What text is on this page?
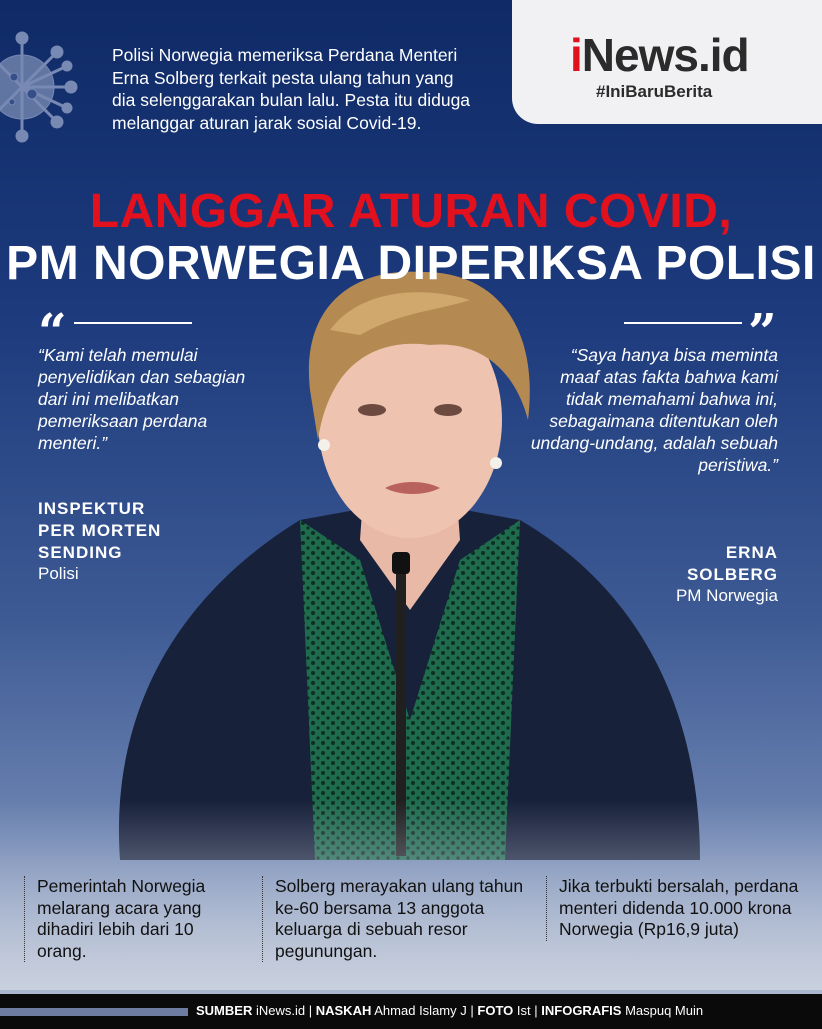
Polisi Norwegia memeriksa Perdana Menteri Erna Solberg terkait pesta ulang tahun yang dia selenggarakan bulan lalu. Pesta itu diduga melanggar aturan jarak sosial Covid-19.
iNews.id
#IniBaruBerita
LANGGAR ATURAN COVID,
PM NORWEGIA DIPERIKSA POLISI
“
“Kami telah memulai penyelidikan dan sebagian dari ini melibatkan pemeriksaan perdana menteri.”
INSPEKTUR
PER MORTEN
SENDING
Polisi
”
“Saya hanya bisa meminta maaf atas fakta bahwa kami tidak memahami bahwa ini, sebagaimana ditentukan oleh undang-undang, adalah sebuah peristiwa.”
ERNA
SOLBERG
PM Norwegia
Pemerintah Norwegia melarang acara yang dihadiri lebih dari 10 orang.
Solberg merayakan ulang tahun ke-60 bersama 13 anggota keluarga di sebuah resor pegunungan.
Jika terbukti bersalah, perdana menteri didenda 10.000 krona Norwegia (Rp16,9 juta)
SUMBER iNews.id | NASKAH Ahmad Islamy J | FOTO Ist | INFOGRAFIS Maspuq Muin
